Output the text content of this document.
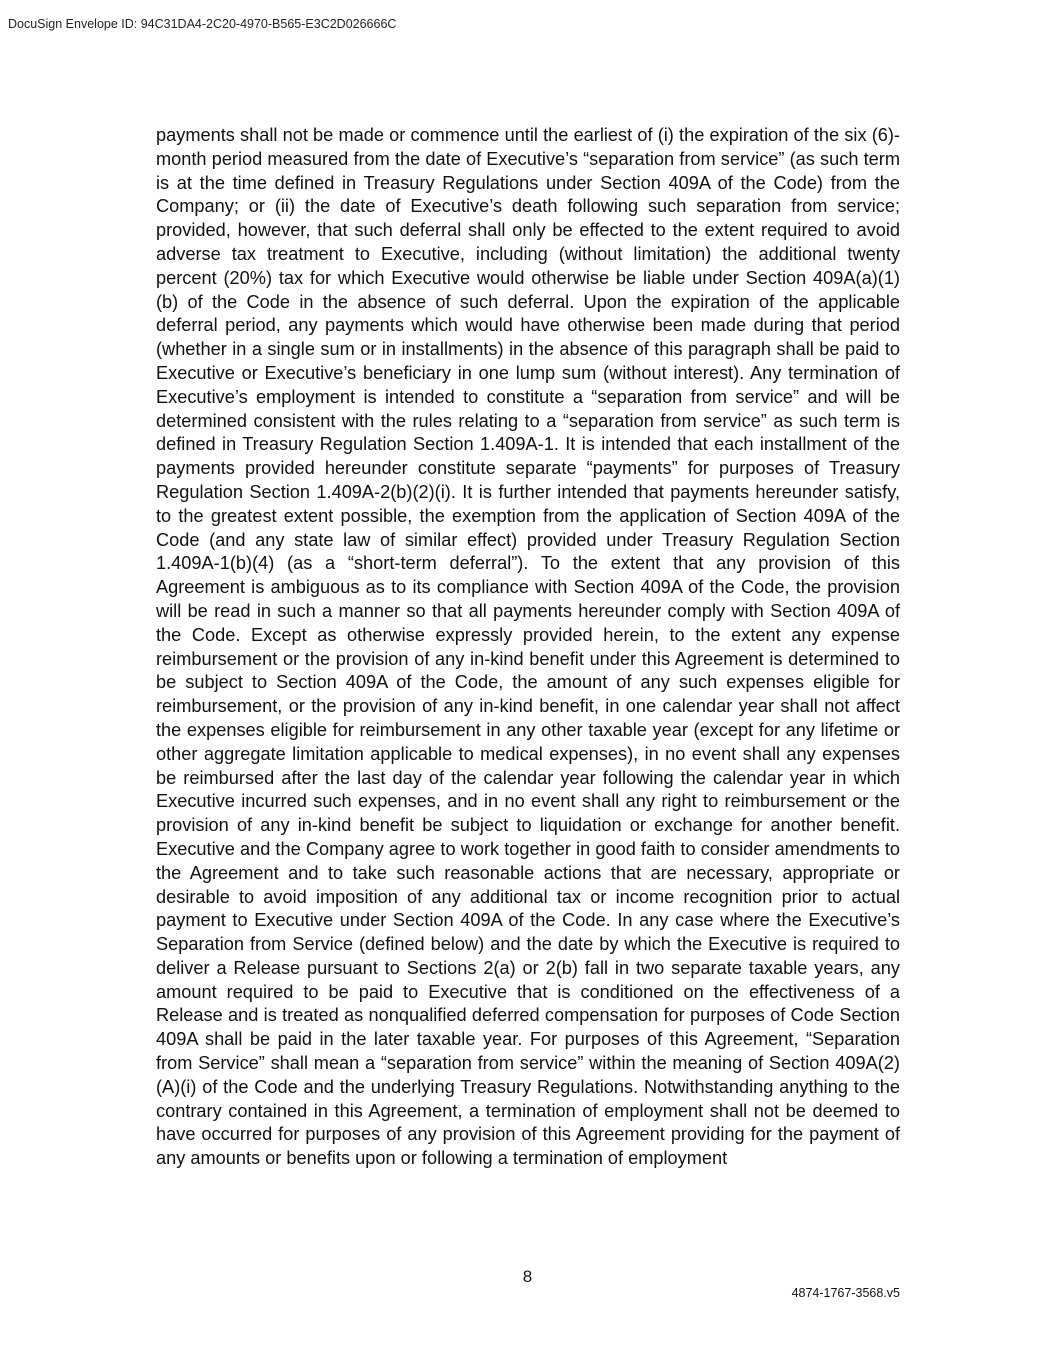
DocuSign Envelope ID: 94C31DA4-2C20-4970-B565-E3C2D026666C

payments shall not be made or commence until the earliest of (i) the expiration of the six (6)-month period measured from the date of Executive’s “separation from service” (as such term is at the time defined in Treasury Regulations under Section 409A of the Code) from the Company; or (ii) the date of Executive’s death following such separation from service; provided, however, that such deferral shall only be effected to the extent required to avoid adverse tax treatment to Executive, including (without limitation) the additional twenty percent (20%) tax for which Executive would otherwise be liable under Section 409A(a)(1)(b) of the Code in the absence of such deferral. Upon the expiration of the applicable deferral period, any payments which would have otherwise been made during that period (whether in a single sum or in installments) in the absence of this paragraph shall be paid to Executive or Executive’s beneficiary in one lump sum (without interest). Any termination of Executive’s employment is intended to constitute a “separation from service” and will be determined consistent with the rules relating to a “separation from service” as such term is defined in Treasury Regulation Section 1.409A-1. It is intended that each installment of the payments provided hereunder constitute separate “payments” for purposes of Treasury Regulation Section 1.409A-2(b)(2)(i). It is further intended that payments hereunder satisfy, to the greatest extent possible, the exemption from the application of Section 409A of the Code (and any state law of similar effect) provided under Treasury Regulation Section 1.409A-1(b)(4) (as a “short-term deferral”). To the extent that any provision of this Agreement is ambiguous as to its compliance with Section 409A of the Code, the provision will be read in such a manner so that all payments hereunder comply with Section 409A of the Code. Except as otherwise expressly provided herein, to the extent any expense reimbursement or the provision of any in-kind benefit under this Agreement is determined to be subject to Section 409A of the Code, the amount of any such expenses eligible for reimbursement, or the provision of any in-kind benefit, in one calendar year shall not affect the expenses eligible for reimbursement in any other taxable year (except for any lifetime or other aggregate limitation applicable to medical expenses), in no event shall any expenses be reimbursed after the last day of the calendar year following the calendar year in which Executive incurred such expenses, and in no event shall any right to reimbursement or the provision of any in-kind benefit be subject to liquidation or exchange for another benefit. Executive and the Company agree to work together in good faith to consider amendments to the Agreement and to take such reasonable actions that are necessary, appropriate or desirable to avoid imposition of any additional tax or income recognition prior to actual payment to Executive under Section 409A of the Code. In any case where the Executive’s Separation from Service (defined below) and the date by which the Executive is required to deliver a Release pursuant to Sections 2(a) or 2(b) fall in two separate taxable years, any amount required to be paid to Executive that is conditioned on the effectiveness of a Release and is treated as nonqualified deferred compensation for purposes of Code Section 409A shall be paid in the later taxable year. For purposes of this Agreement, “Separation from Service” shall mean a “separation from service” within the meaning of Section 409A(2)(A)(i) of the Code and the underlying Treasury Regulations. Notwithstanding anything to the contrary contained in this Agreement, a termination of employment shall not be deemed to have occurred for purposes of any provision of this Agreement providing for the payment of any amounts or benefits upon or following a termination of employment

8
4874-1767-3568.v5
